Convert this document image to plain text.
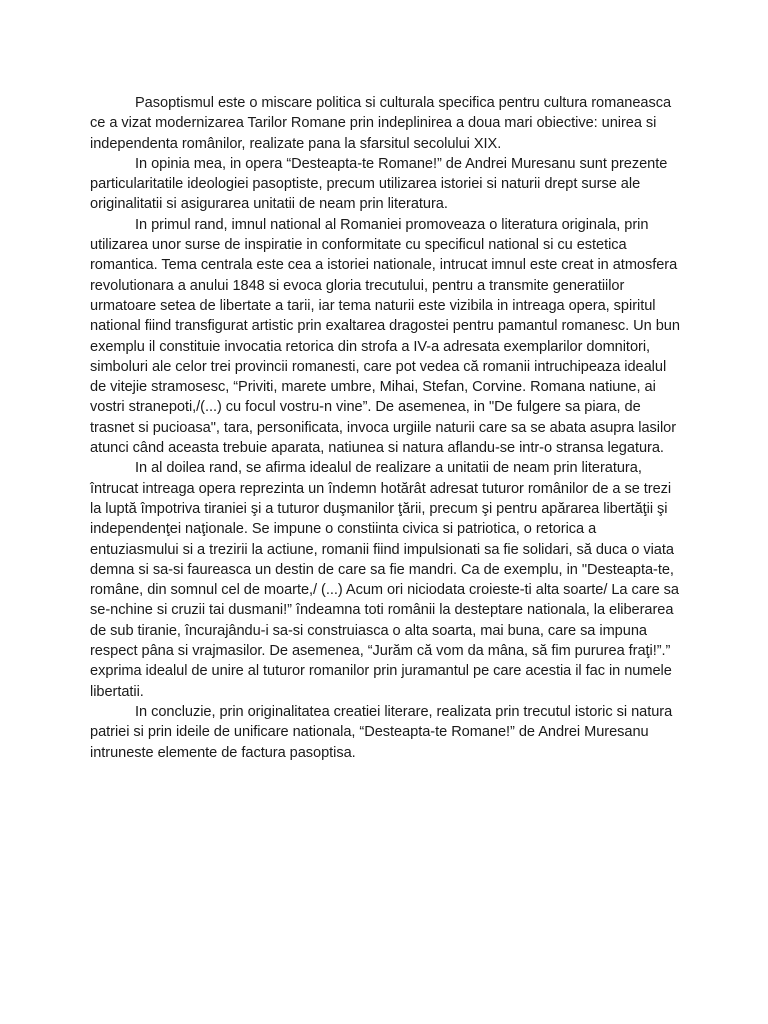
Pasoptismul este o miscare politica si culturala specifica pentru cultura romaneasca ce a vizat modernizarea Tarilor Romane prin indeplinirea a doua mari obiective: unirea si independenta românilor, realizate pana la sfarsitul secolului XIX.

In opinia mea, in opera “Desteapta-te Romane!” de Andrei Muresanu sunt prezente particularitatile ideologiei pasoptiste, precum utilizarea istoriei si naturii drept surse ale originalitatii si asigurarea unitatii de neam prin literatura.

In primul rand, imnul national al Romaniei promoveaza o literatura originala, prin utilizarea unor surse de inspiratie in conformitate cu specificul national si cu estetica romantica. Tema centrala este cea a istoriei nationale, intrucat imnul este creat in atmosfera revolutionara a anului 1848 si evoca gloria trecutului, pentru a transmite generatiilor urmatoare setea de libertate a tarii, iar tema naturii este vizibila in intreaga opera, spiritul national fiind transfigurat artistic prin exaltarea dragostei pentru pamantul romanesc. Un bun exemplu il constituie invocatia retorica din strofa a IV-a adresata exemplarilor domnitori, simboluri ale celor trei provincii romanesti, care pot vedea că romanii intruchipeaza idealul de vitejie stramosesc, “Priviti, marete umbre, Mihai, Stefan, Corvine. Romana natiune, ai vostri stranepoti,/(...) cu focul vostru-n vine”. De asemenea, in "De fulgere sa piara, de trasnet si pucioasa", tara, personificata, invoca urgiile naturii care sa se abata asupra lasilor atunci când aceasta trebuie aparata, natiunea si natura aflandu-se intr-o stransa legatura.

In al doilea rand, se afirma idealul de realizare a unitatii de neam prin literatura, întrucat intreaga opera reprezinta un îndemn hotărât adresat tuturor românilor de a se trezi la luptă împotriva tiraniei şi a tuturor duşmanilor ţării, precum şi pentru apărarea libertăţii şi independenţei naţionale. Se impune o constiinta civica si patriotica, o retorica a entuziasmului si a trezirii la actiune, romanii fiind impulsionati sa fie solidari, să duca o viata demna si sa-si faureasca un destin de care sa fie mandri. Ca de exemplu, in "Desteapta-te, române, din somnul cel de moarte,/ (...) Acum ori niciodata croieste-ti alta soarte/ La care sa se-nchine si cruzii tai dusmani!” îndeamna toti românii la desteptare nationala, la eliberarea de sub tiranie, încurajându-i sa-si construiasca o alta soarta, mai buna, care sa impuna respect pâna si vrajmasilor. De asemenea, “Jurăm că vom da mâna, să fim pururea fraţi!”.” exprima idealul de unire al tuturor romanilor prin juramantul pe care acestia il fac in numele libertatii.

In concluzie, prin originalitatea creatiei literare, realizata prin trecutul istoric si natura patriei si prin ideile de unificare nationala, “Desteapta-te Romane!” de Andrei Muresanu intruneste elemente de factura pasoptisa.
